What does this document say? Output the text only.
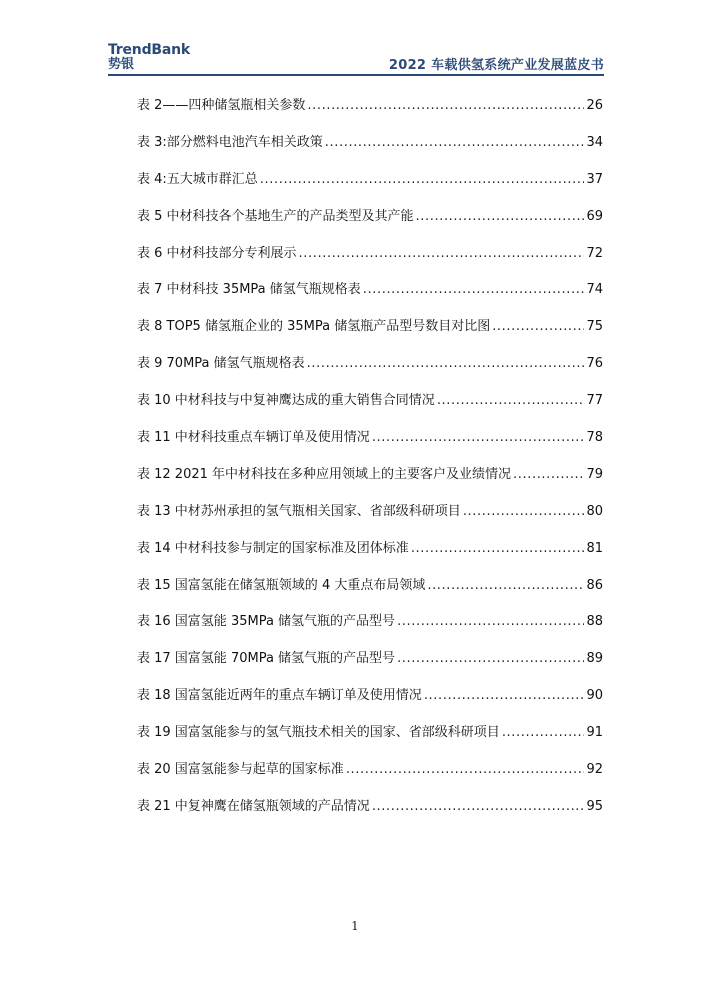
TrendBank
势银	2022 车载供氢系统产业发展蓝皮书
表 2——四种储氢瓶相关参数 .....	26
表 3:部分燃料电池汽车相关政策 .....	34
表 4:五大城市群汇总 .....	37
表 5 中材科技各个基地生产的产品类型及其产能 .....	69
表 6 中材科技部分专利展示 .....	72
表 7 中材科技 35MPa 储氢气瓶规格表 .....	74
表 8 TOP5 储氢瓶企业的 35MPa 储氢瓶产品型号数目对比图 .....	75
表 9 70MPa 储氢气瓶规格表 .....	76
表 10 中材科技与中复神鹰达成的重大销售合同情况 .....	77
表 11 中材科技重点车辆订单及使用情况 .....	78
表 12 2021 年中材科技在多种应用领域上的主要客户及业绩情况 .....	79
表 13 中材苏州承担的氢气瓶相关国家、省部级科研项目 .....	80
表 14 中材科技参与制定的国家标准及团体标准 .....	81
表 15 国富氢能在储氢瓶领域的 4 大重点布局领域 .....	86
表 16 国富氢能 35MPa 储氢气瓶的产品型号 .....	88
表 17 国富氢能 70MPa 储氢气瓶的产品型号 .....	89
表 18 国富氢能近两年的重点车辆订单及使用情况 .....	90
表 19 国富氢能参与的氢气瓶技术相关的国家、省部级科研项目 .....	91
表 20 国富氢能参与起草的国家标准 .....	92
表 21 中复神鹰在储氢瓶领域的产品情况 .....	95
1
